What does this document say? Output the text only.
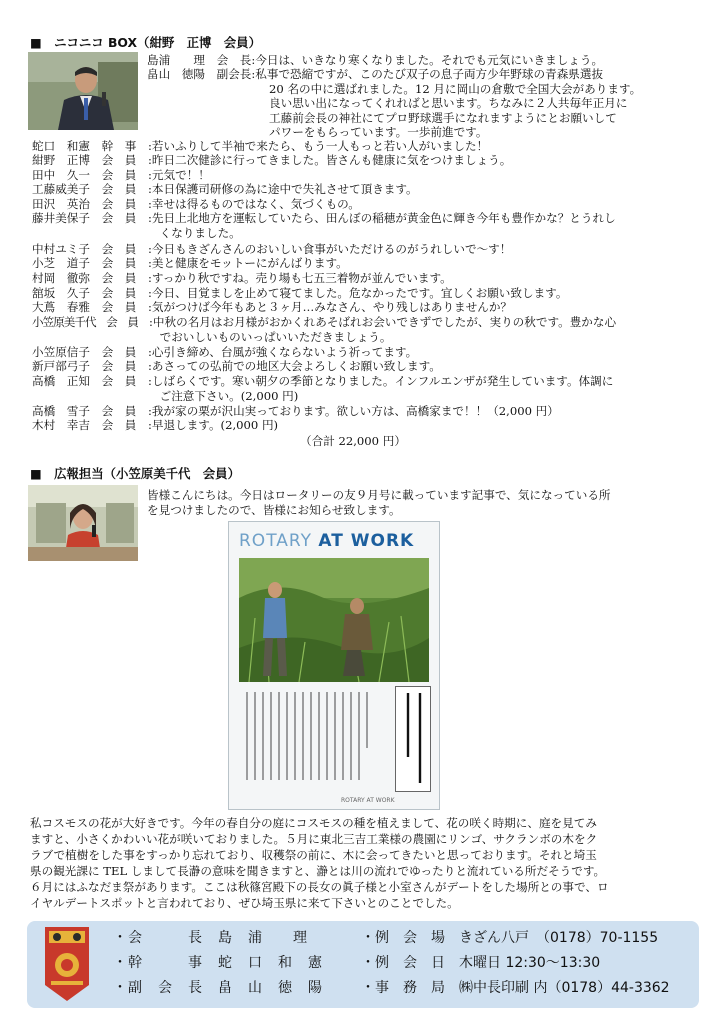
■　ニコニコ BOX（紺野　正博　会員）
島浦　　理　会　長:今日は、いきなり寒くなりました。それでも元気にいきましょう。
畠山　徳陽　副会長:私事で恐縮ですが、このたび双子の息子両方少年野球の青森県選抜
20 名の中に選ばれました。12 月に岡山の倉敷で全国大会があります。
良い思い出になってくれればと思います。ちなみに２人共毎年正月に
工藤前会長の神社にてプロ野球選手になれますようにとお願いして
パワーをもらっています。一歩前進です。
蛇口　和憲　幹　事	:若いふりして半袖で来たら、もう一人もっと若い人がいました！
紺野　正博　会　員	:昨日二次健診に行ってきました。皆さんも健康に気をつけましょう。
田中　久一　会　員	:元気で！！
工藤威美子　会　員	:本日保護司研修の為に途中で失礼させて頂きます。
田沢　英治　会　員	:幸せは得るものではなく、気づくもの。
藤井美保子　会　員	:先日上北地方を運転していたら、田んぼの稲穂が黄金色に輝き今年も豊作かな？とうれし
　くなりました。
中村ユミ子　会　員	:今日もきざんさんのおいしい食事がいただけるのがうれしいで～す！
小芝　道子　会　員	:美と健康をモットーにがんばります。
村岡　徹弥　会　員	:すっかり秋ですね。売り場も七五三着物が並んでいます。
舘坂　久子　会　員	:今日、目覚ましを止めて寝てました。危なかったです。宜しくお願い致します。
大蔦　春雅　会　員	:気がつけば今年もあと３ヶ月…みなさん、やり残しはありませんか？
小笠原美千代　会　員 :中秋の名月はお月様がおかくれあそばれお会いできずでしたが、実りの秋です。豊かな心
　でおいしいものいっぱいいただきましょう。
小笠原信子　会　員	:心引き締め、台風が強くならないよう祈ってます。
新戸部弓子　会　員	:あさっての弘前での地区大会よろしくお願い致します。
高橋　正知　会　員	:しばらくです。寒い朝夕の季節となりました。インフルエンザが発生しています。体調に
　ご注意下さい。(2,000 円)
高橋　雪子　会　員	:我が家の栗が沢山実っております。欲しい方は、高橋家まで！！（2,000 円）
木村　幸吉　会　員	:早退します。(2,000 円)
（合計 22,000 円）
■　広報担当（小笠原美千代　会員）
皆様こんにちは。今日はロータリーの友９月号に載っています記事で、気になっている所
を見つけましたので、皆様にお知らせ致します。
ROTARY AT WORK
ROTARY AT WORK
私コスモスの花が大好きです。今年の春自分の庭にコスモスの種を植えまして、花の咲く時期に、庭を見てみ
ますと、小さくかわいい花が咲いておりました。５月に東北三吉工業様の農園にリンゴ、サクランボの木をク
ラブで植樹をした事をすっかり忘れており、収穫祭の前に、木に会ってきたいと思っております。それと埼玉
県の観光課に TEL しまして長瀞の意味を聞きますと、瀞とは川の流れでゆったりと流れている所だそうです。
６月にはふなだま祭があります。ここは秋篠宮殿下の長女の眞子様と小室さんがデートをした場所との事で、ロ
イヤルデートスポットと言われており、ぜひ埼玉県に来て下さいとのことでした。
・会　　　長　 島　浦　　理
・幹　　　事　 蛇　口　和　憲
・副　会　長　 畠　山　徳　陽
・例　会　場　 きざん八戸　（0178）70‑1155
・例　会　日　 木曜日 12:30～13:30
・事　務　局　 ㈱中長印刷 内（0178）44‑3362
